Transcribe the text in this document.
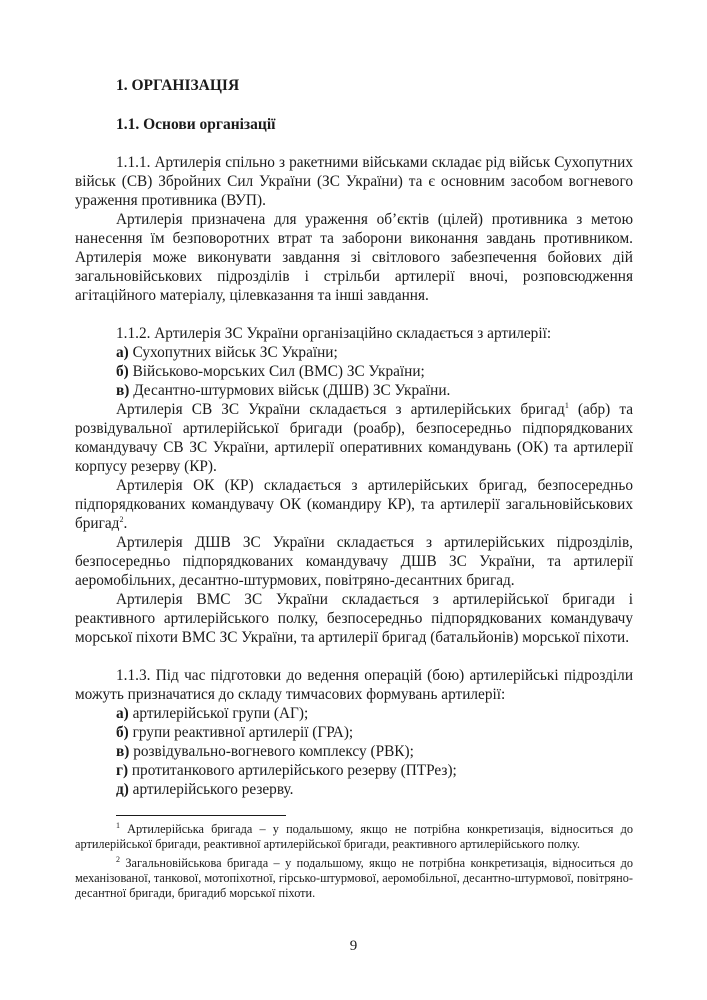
1. ОРГАНІЗАЦІЯ
1.1. Основи організації

1.1.1. Артилерія спільно з ракетними військами складає рід військ Сухопутних військ (СВ) Збройних Сил України (ЗС України) та є основним засобом вогневого ураження противника (ВУП).

Артилерія призначена для ураження об’єктів (цілей) противника з метою нанесення їм безповоротних втрат та заборони виконання завдань противником. Артилерія може виконувати завдання зі світлового забезпечення бойових дій загальновійськових підрозділів і стрільби артилерії вночі, розповсюдження агітаційного матеріалу, цілевказання та інші завдання.

1.1.2. Артилерія ЗС України організаційно складається з артилерії:

а) Сухопутних військ ЗС України;
б) Військово-морських Сил (ВМС) ЗС України;
в) Десантно-штурмових військ (ДШВ) ЗС України.

Артилерія СВ ЗС України складається з артилерійських бригад$^1$ (абр) та розвідувальної артилерійської бригади (роабр), безпосередньо підпорядкованих командувачу СВ ЗС України, артилерії оперативних командувань (ОК) та артилерії корпусу резерву (КР).

Артилерія ОК (КР) складається з артилерійських бригад, безпосередньо підпорядкованих командувачу ОК (командиру КР), та артилерії загальновійськових бригад$^2$.

Артилерія ДШВ ЗС України складається з артилерійських підрозділів, безпосередньо підпорядкованих командувачу ДШВ ЗС України, та артилерії аеромобільних, десантно-штурмових, повітряно-десантних бригад.

Артилерія ВМС ЗС України складається з артилерійської бригади і реактивного артилерійського полку, безпосередньо підпорядкованих командувачу морської піхоти ВМС ЗС України, та артилерії бригад (батальйонів) морської піхоти.

1.1.3. Під час підготовки до ведення операцій (бою) артилерійські підрозділи можуть призначатися до складу тимчасових формувань артилерії:

а) артилерійської групи (АГ);
б) групи реактивної артилерії (ГРА);
в) розвідувально-вогневого комплексу (РВК);
г) протитанкового артилерійського резерву (ПТРез);
д) артилерійського резерву.

$^1$ Артилерійська бригада – у подальшому, якщо не потрібна конкретизація, відноситься до артилерійської бригади, реактивної артилерійської бригади, реактивного артилерійського полку.

$^2$ Загальновійськова бригада – у подальшому, якщо не потрібна конкретизація, відноситься до механізованої, танкової, мотопіхотної, гірсько-штурмової, аеромобільної, десантно-штурмової, повітряно-десантної бригади, бригадиб морської піхоти.

9
